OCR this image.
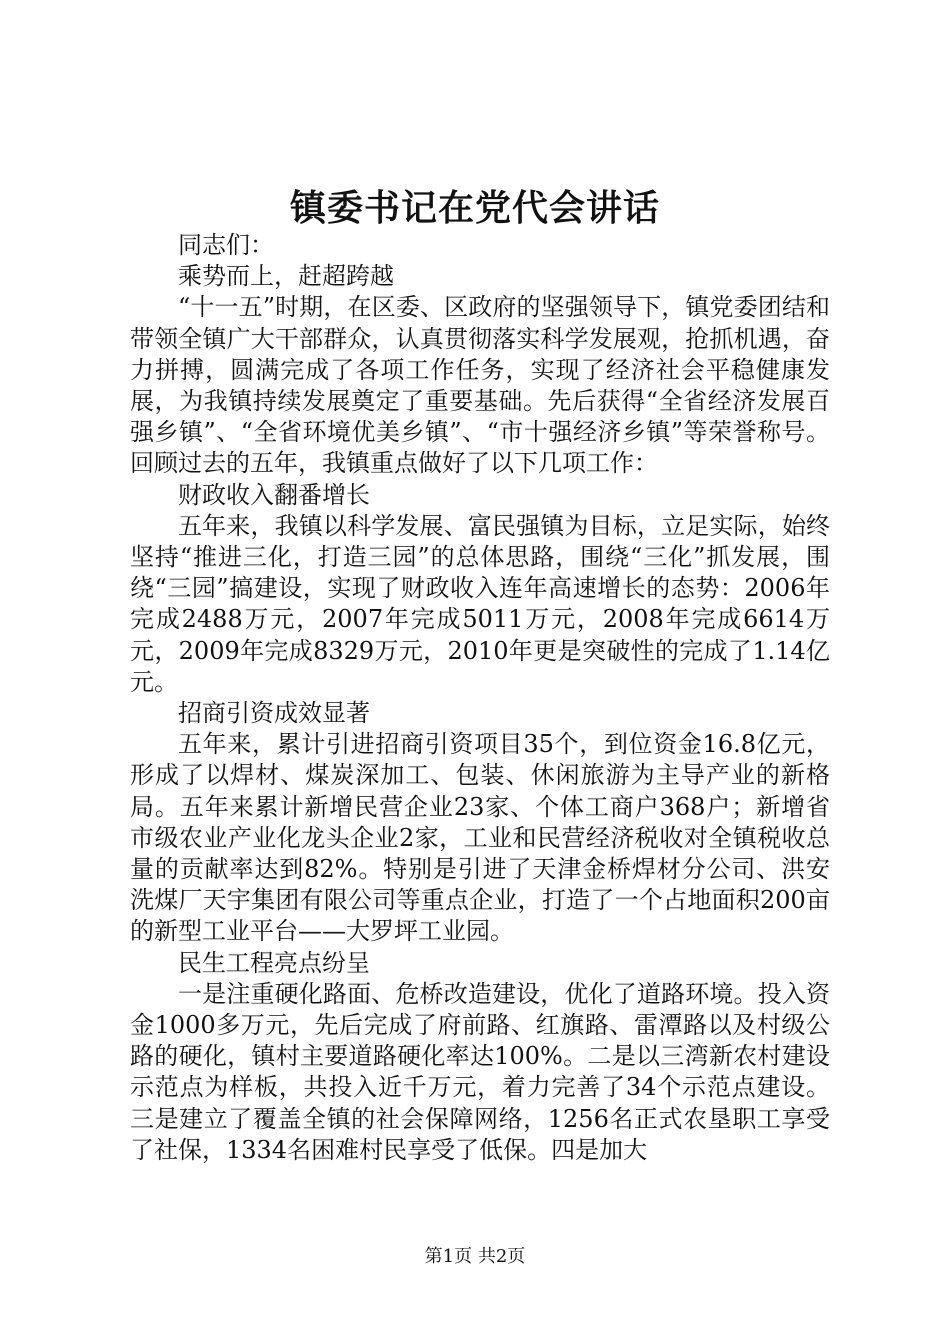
镇委书记在党代会讲话

同志们：

乘势而上，赶超跨越

“十一五”时期，在区委、区政府的坚强领导下，镇党委团结和带领全镇广大干部群众，认真贯彻落实科学发展观，抢抓机遇，奋力拼搏，圆满完成了各项工作任务，实现了经济社会平稳健康发展，为我镇持续发展奠定了重要基础。先后获得“全省经济发展百强乡镇”、“全省环境优美乡镇”、“市十强经济乡镇”等荣誉称号。回顾过去的五年，我镇重点做好了以下几项工作：

财政收入翻番增长

五年来，我镇以科学发展、富民强镇为目标，立足实际，始终坚持“推进三化，打造三园”的总体思路，围绕“三化”抓发展，围绕“三园”搞建设，实现了财政收入连年高速增长的态势：2006年完成2488万元，2007年完成5011万元，2008年完成6614万元，2009年完成8329万元，2010年更是突破性的完成了1.14亿元。

招商引资成效显著

五年来，累计引进招商引资项目35个，到位资金16.8亿元，形成了以焊材、煤炭深加工、包装、休闲旅游为主导产业的新格局。五年来累计新增民营企业23家、个体工商户368户；新增省市级农业产业化龙头企业2家，工业和民营经济税收对全镇税收总量的贡献率达到82%。特别是引进了天津金桥焊材分公司、洪安洗煤厂天宇集团有限公司等重点企业，打造了一个占地面积200亩的新型工业平台——大罗坪工业园。

民生工程亮点纷呈

一是注重硬化路面、危桥改造建设，优化了道路环境。投入资金1000多万元，先后完成了府前路、红旗路、雷潭路以及村级公路的硬化，镇村主要道路硬化率达100%。二是以三湾新农村建设示范点为样板，共投入近千万元，着力完善了34个示范点建设。三是建立了覆盖全镇的社会保障网络，1256名正式农垦职工享受了社保，1334名困难村民享受了低保。四是加大

第1页 共2页
